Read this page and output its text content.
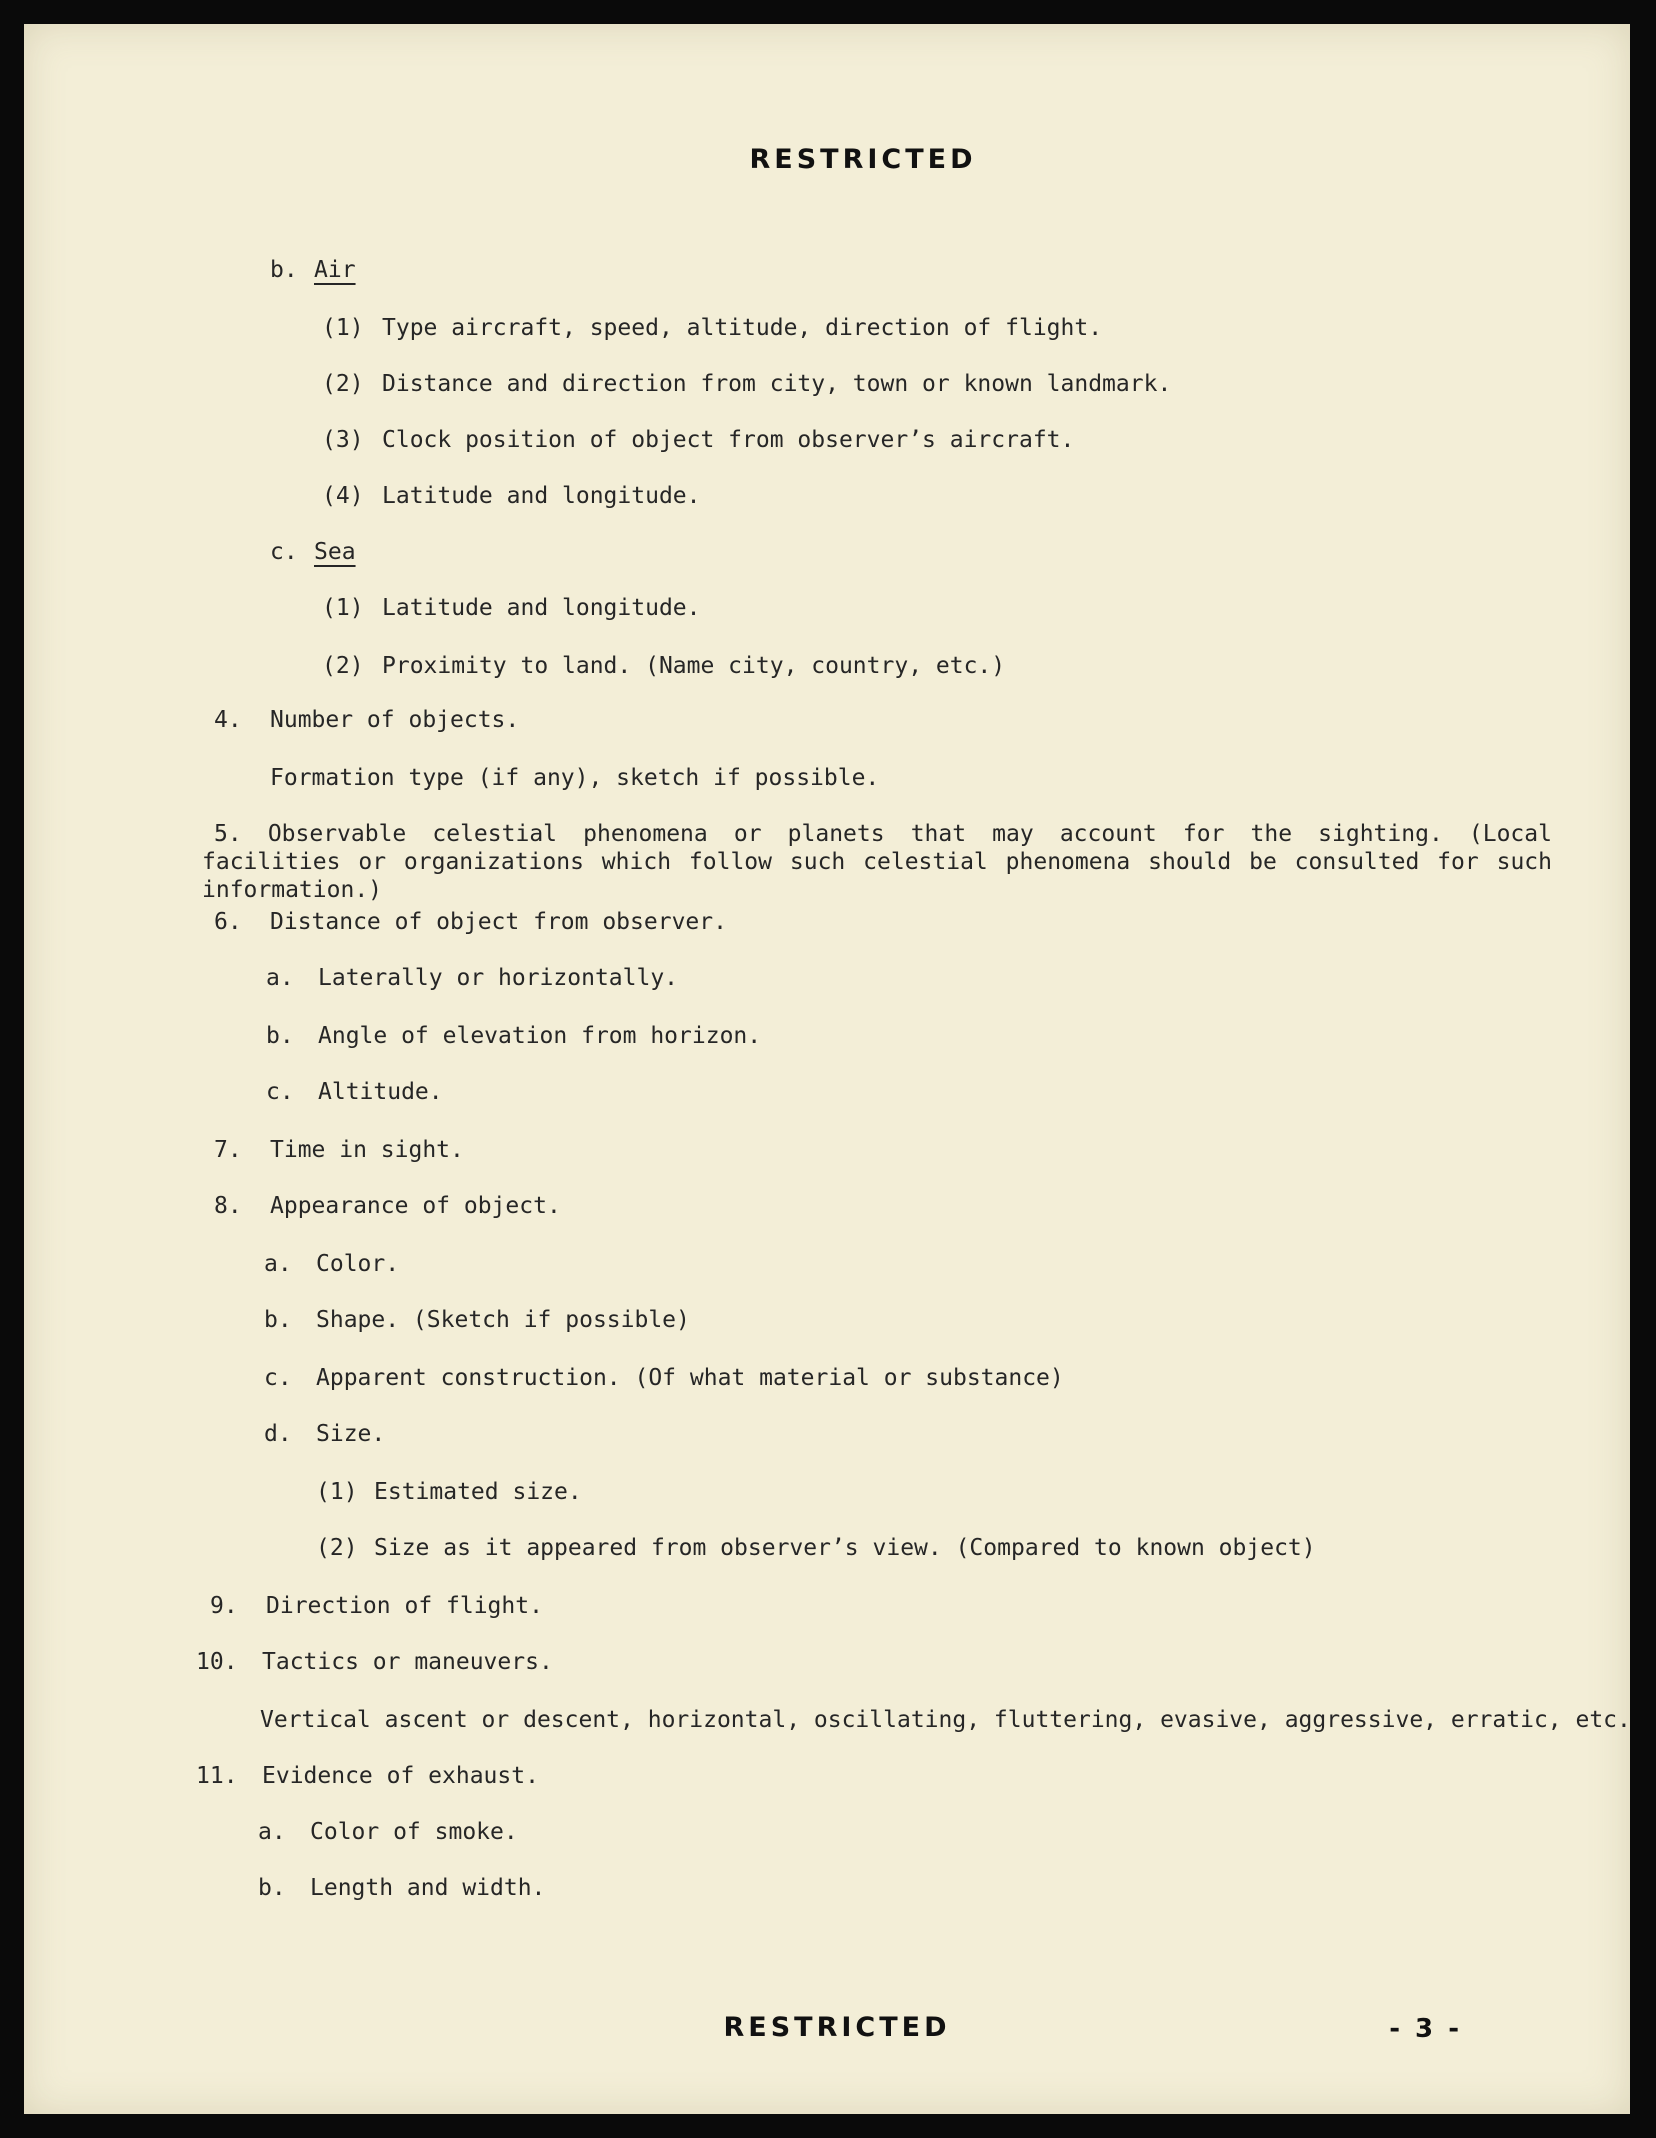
RESTRICTED
b. Air
(1) Type aircraft, speed, altitude, direction of flight.
(2) Distance and direction from city, town or known landmark.
(3) Clock position of object from observer’s aircraft.
(4) Latitude and longitude.
c. Sea
(1) Latitude and longitude.
(2) Proximity to land. (Name city, country, etc.)
4. Number of objects.
Formation type (if any), sketch if possible.
5. Observable celestial phenomena or planets that may account for the sighting. (Local facilities or organizations which follow such celestial phenomena should be consulted for such information.)
6. Distance of object from observer.
a. Laterally or horizontally.
b. Angle of elevation from horizon.
c. Altitude.
7. Time in sight.
8. Appearance of object.
a. Color.
b. Shape. (Sketch if possible)
c. Apparent construction. (Of what material or substance)
d. Size.
(1) Estimated size.
(2) Size as it appeared from observer’s view. (Compared to known object)
9. Direction of flight.
10. Tactics or maneuvers.
Vertical ascent or descent, horizontal, oscillating, fluttering, evasive, aggressive, erratic, etc.
11. Evidence of exhaust.
a. Color of smoke.
b. Length and width.
RESTRICTED	- 3 -
